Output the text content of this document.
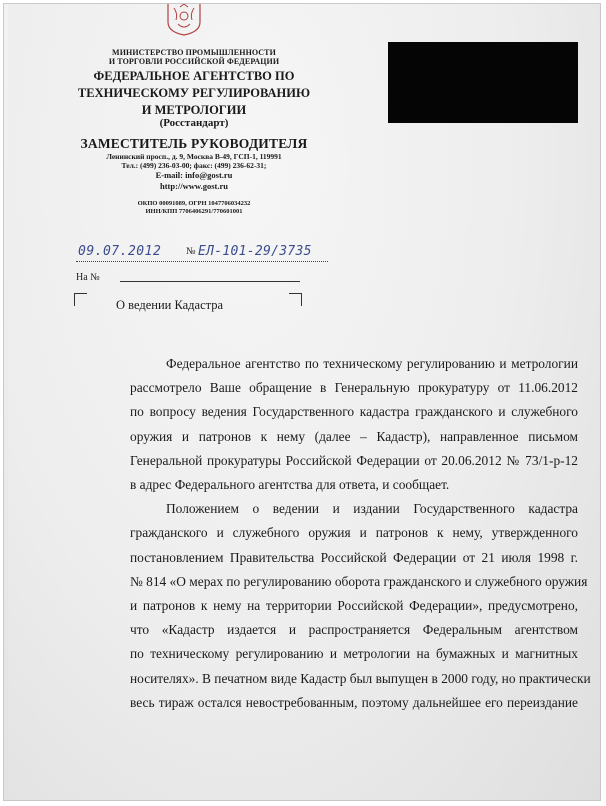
МИНИСТЕРСТВО ПРОМЫШЛЕННОСТИ
И ТОРГОВЛИ РОССИЙСКОЙ ФЕДЕРАЦИИ
ФЕДЕРАЛЬНОЕ АГЕНТСТВО ПО
ТЕХНИЧЕСКОМУ РЕГУЛИРОВАНИЮ
И МЕТРОЛОГИИ
(Росстандарт)
ЗАМЕСТИТЕЛЬ РУКОВОДИТЕЛЯ
Ленинский просп., д. 9, Москва В-49, ГСП-1, 119991
Тел.: (499) 236-03-00; факс: (499) 236-62-31;
E-mail: info@gost.ru
http://www.gost.ru
ОКПО 00091089, ОГРН 1047706034232
ИНН/КПП 7706406291/770601001
09.07.2012 № ЕЛ-101-29/3735
На №
О ведении Кадастра
Федеральное агентство по техническому регулированию и метрологии
рассмотрело Ваше обращение в Генеральную прокуратуру от 11.06.2012
по вопросу ведения Государственного кадастра гражданского и служебного
оружия и патронов к нему (далее – Кадастр), направленное письмом
Генеральной прокуратуры Российской Федерации от 20.06.2012 № 73/1-р-12
в адрес Федерального агентства для ответа, и сообщает.
Положением о ведении и издании Государственного кадастра
гражданского и служебного оружия и патронов к нему, утвержденного
постановлением Правительства Российской Федерации от 21 июля 1998 г.
№ 814 «О мерах по регулированию оборота гражданского и служебного оружия
и патронов к нему на территории Российской Федерации», предусмотрено,
что «Кадастр издается и распространяется Федеральным агентством
по техническому регулированию и метрологии на бумажных и магнитных
носителях». В печатном виде Кадастр был выпущен в 2000 году, но практически
весь тираж остался невостребованным, поэтому дальнейшее его переиздание
